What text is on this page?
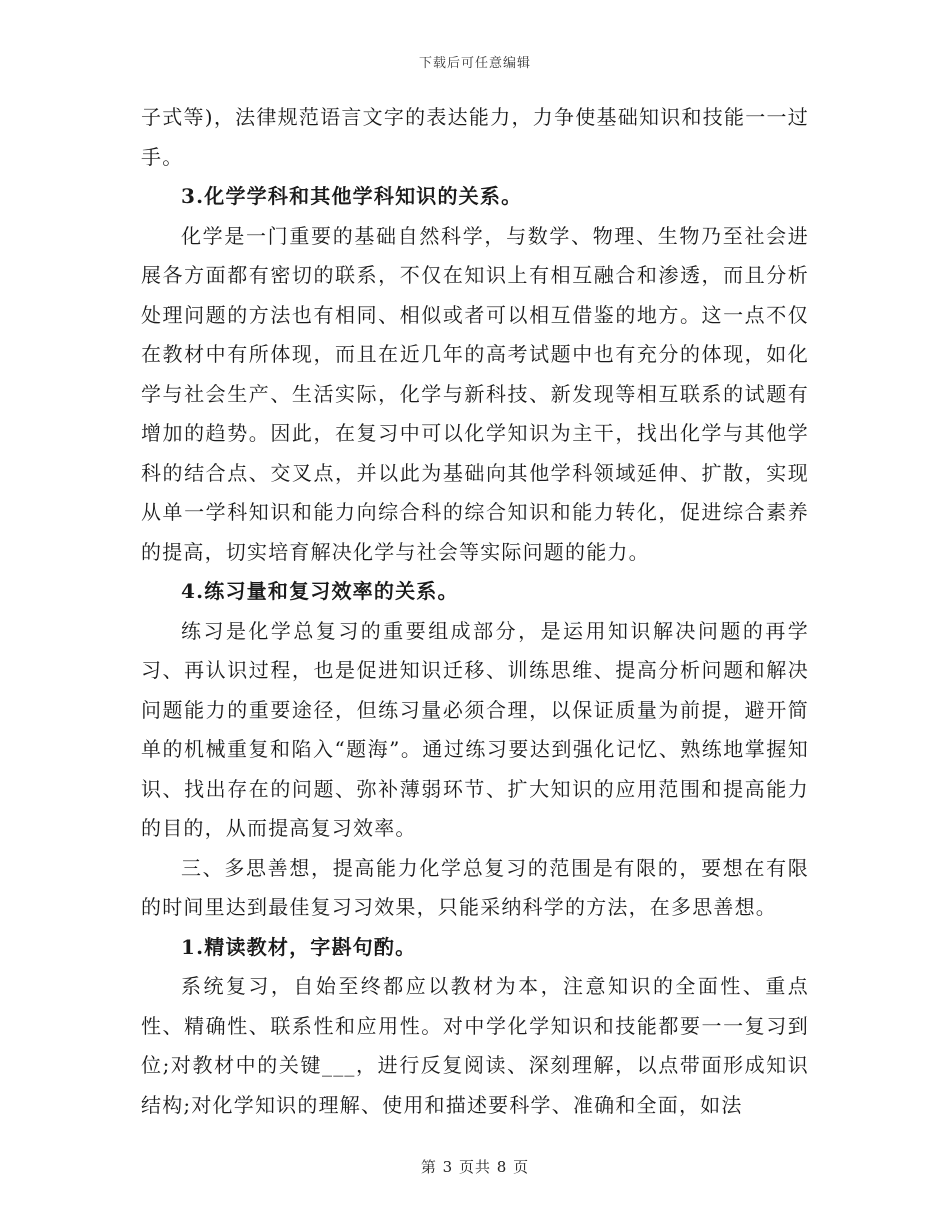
下载后可任意编辑

子式等)，法律规范语言文字的表达能力，力争使基础知识和技能一一过手。

3.化学学科和其他学科知识的关系。

化学是一门重要的基础自然科学，与数学、物理、生物乃至社会进展各方面都有密切的联系，不仅在知识上有相互融合和渗透，而且分析处理问题的方法也有相同、相似或者可以相互借鉴的地方。这一点不仅在教材中有所体现，而且在近几年的高考试题中也有充分的体现，如化学与社会生产、生活实际，化学与新科技、新发现等相互联系的试题有增加的趋势。因此，在复习中可以化学知识为主干，找出化学与其他学科的结合点、交叉点，并以此为基础向其他学科领域延伸、扩散，实现从单一学科知识和能力向综合科的综合知识和能力转化，促进综合素养的提高，切实培育解决化学与社会等实际问题的能力。

4.练习量和复习效率的关系。

练习是化学总复习的重要组成部分，是运用知识解决问题的再学习、再认识过程，也是促进知识迁移、训练思维、提高分析问题和解决问题能力的重要途径，但练习量必须合理，以保证质量为前提，避开简单的机械重复和陷入“题海”。通过练习要达到强化记忆、熟练地掌握知识、找出存在的问题、弥补薄弱环节、扩大知识的应用范围和提高能力的目的，从而提高复习效率。

三、多思善想，提高能力化学总复习的范围是有限的，要想在有限的时间里达到最佳复习习效果，只能采纳科学的方法，在多思善想。

1.精读教材，字斟句酌。

系统复习，自始至终都应以教材为本，注意知识的全面性、重点性、精确性、联系性和应用性。对中学化学知识和技能都要一一复习到位;对教材中的关键___，进行反复阅读、深刻理解，以点带面形成知识结构;对化学知识的理解、使用和描述要科学、准确和全面，如法

第 3 页共 8 页
